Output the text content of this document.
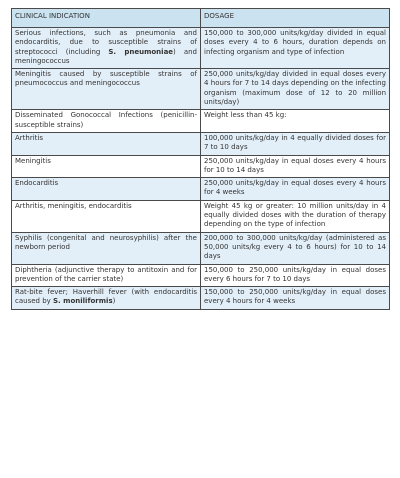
CLINICAL INDICATION	DOSAGE
Serious infections, such as pneumonia and endocarditis, due to susceptible strains of streptococci (including S. pneumoniae) and meningococcus	150,000 to 300,000 units/kg/day divided in equal doses every 4 to 6 hours, duration depends on infecting organism and type of infection
Meningitis caused by susceptible strains of pneumococcus and meningococcus	250,000 units/kg/day divided in equal doses every 4 hours for 7 to 14 days depending on the infecting organism (maximum dose of 12 to 20 million units/day)
Disseminated Gonococcal Infections (penicillin-susceptible strains)	Weight less than 45 kg:
Arthritis	100,000 units/kg/day in 4 equally divided doses for 7 to 10 days
Meningitis	250,000 units/kg/day in equal doses every 4 hours for 10 to 14 days
Endocarditis	250,000 units/kg/day in equal doses every 4 hours for 4 weeks
Arthritis, meningitis, endocarditis	Weight 45 kg or greater: 10 million units/day in 4 equally divided doses with the duration of therapy depending on the type of infection
Syphilis (congenital and neurosyphilis) after the newborn period	200,000 to 300,000 units/kg/day (administered as 50,000 units/kg every 4 to 6 hours) for 10 to 14 days
Diphtheria (adjunctive therapy to antitoxin and for prevention of the carrier state)	150,000 to 250,000 units/kg/day in equal doses every 6 hours for 7 to 10 days
Rat-bite fever; Haverhill fever (with endocarditis caused by S. moniliformis)	150,000 to 250,000 units/kg/day in equal doses every 4 hours for 4 weeks
